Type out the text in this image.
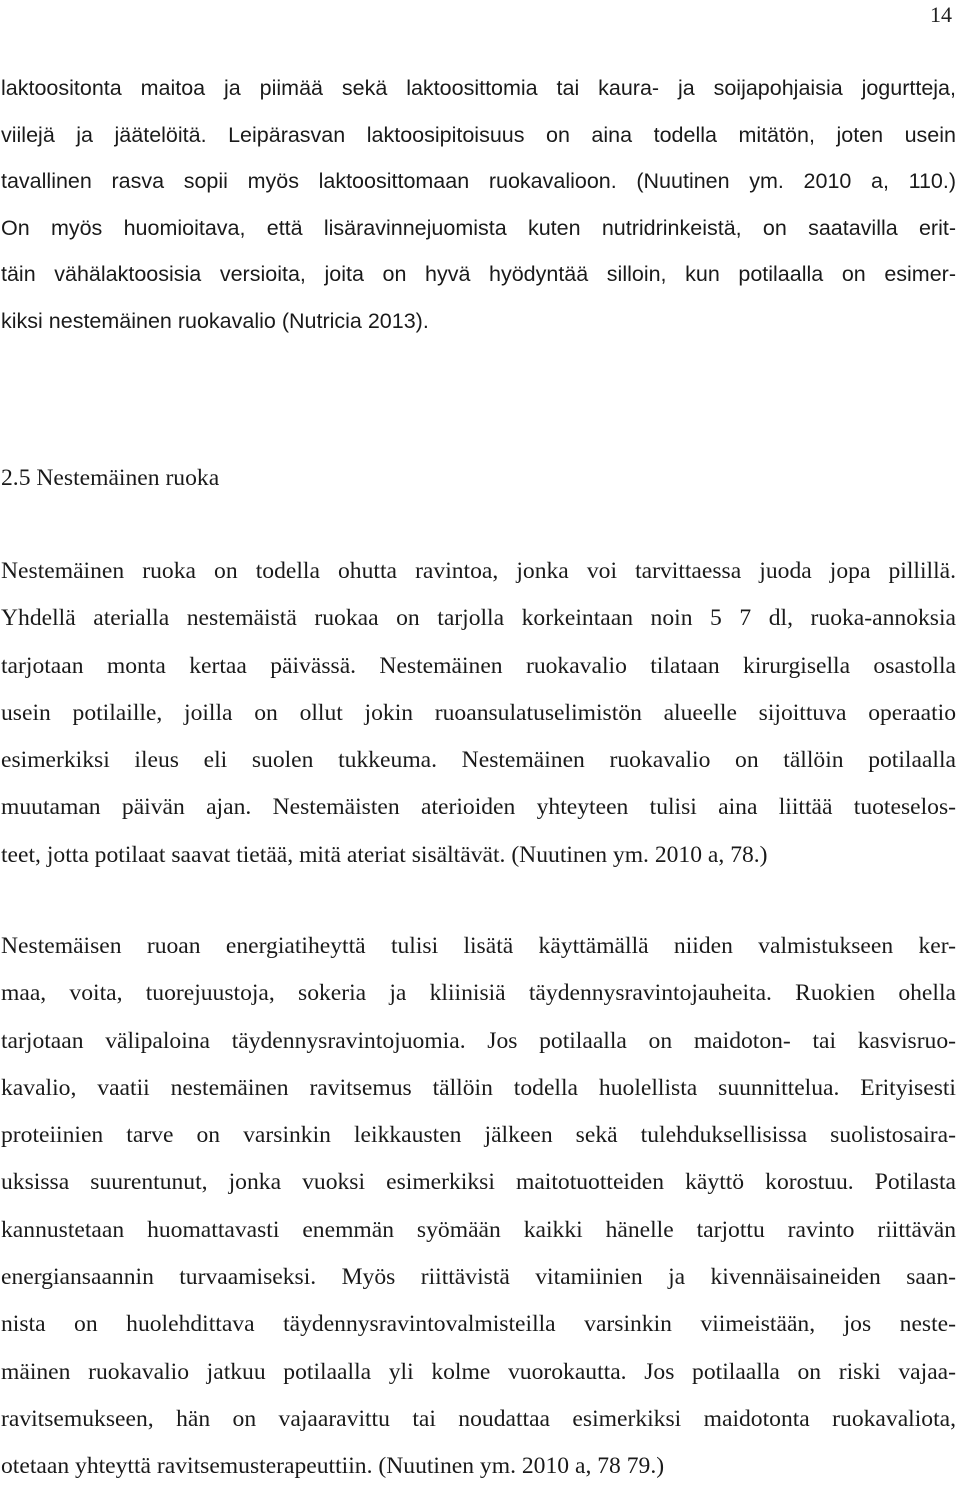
14

laktoositonta maitoa ja piimää sekä laktoosittomia tai kaura- ja soijapohjaisia jogurtteja,
viilejä ja jäätelöitä. Leipärasvan laktoosipitoisuus on aina todella mitätön, joten usein
tavallinen rasva sopii myös laktoosittomaan ruokavalioon. (Nuutinen ym. 2010 a, 110.)
On myös huomioitava, että lisäravinnejuomista kuten nutridrinkeistä, on saatavilla erit-
täin vähälaktoosisia versioita, joita on hyvä hyödyntää silloin, kun potilaalla on esimer-
kiksi nestemäinen ruokavalio (Nutricia 2013).

2.5 Nestemäinen ruoka

Nestemäinen ruoka on todella ohutta ravintoa, jonka voi tarvittaessa juoda jopa pillillä.
Yhdellä aterialla nestemäistä ruokaa on tarjolla korkeintaan noin 5 7 dl, ruoka-annoksia
tarjotaan monta kertaa päivässä. Nestemäinen ruokavalio tilataan kirurgisella osastolla
usein potilaille, joilla on ollut jokin ruoansulatuselimistön alueelle sijoittuva operaatio
esimerkiksi ileus eli suolen tukkeuma. Nestemäinen ruokavalio on tällöin potilaalla
muutaman päivän ajan. Nestemäisten aterioiden yhteyteen tulisi aina liittää tuoteselos-
teet, jotta potilaat saavat tietää, mitä ateriat sisältävät. (Nuutinen ym. 2010 a, 78.)

Nestemäisen ruoan energiatiheyttä tulisi lisätä käyttämällä niiden valmistukseen ker-
maa, voita, tuorejuustoja, sokeria ja kliinisiä täydennysravintojauheita. Ruokien ohella
tarjotaan välipaloina täydennysravintojuomia. Jos potilaalla on maidoton- tai kasvisruo-
kavalio, vaatii nestemäinen ravitsemus tällöin todella huolellista suunnittelua. Erityisesti
proteiinien tarve on varsinkin leikkausten jälkeen sekä tulehduksellisissa suolistosaira-
uksissa suurentunut, jonka vuoksi esimerkiksi maitotuotteiden käyttö korostuu. Potilasta
kannustetaan huomattavasti enemmän syömään kaikki hänelle tarjottu ravinto riittävän
energiansaannin turvaamiseksi. Myös riittävistä vitamiinien ja kivennäisaineiden saan-
nista on huolehdittava täydennysravintovalmisteilla varsinkin viimeistään, jos neste-
mäinen ruokavalio jatkuu potilaalla yli kolme vuorokautta. Jos potilaalla on riski vajaa-
ravitsemukseen, hän on vajaaravittu tai noudattaa esimerkiksi maidotonta ruokavaliota,
otetaan yhteyttä ravitsemusterapeuttiin. (Nuutinen ym. 2010 a, 78 79.)
